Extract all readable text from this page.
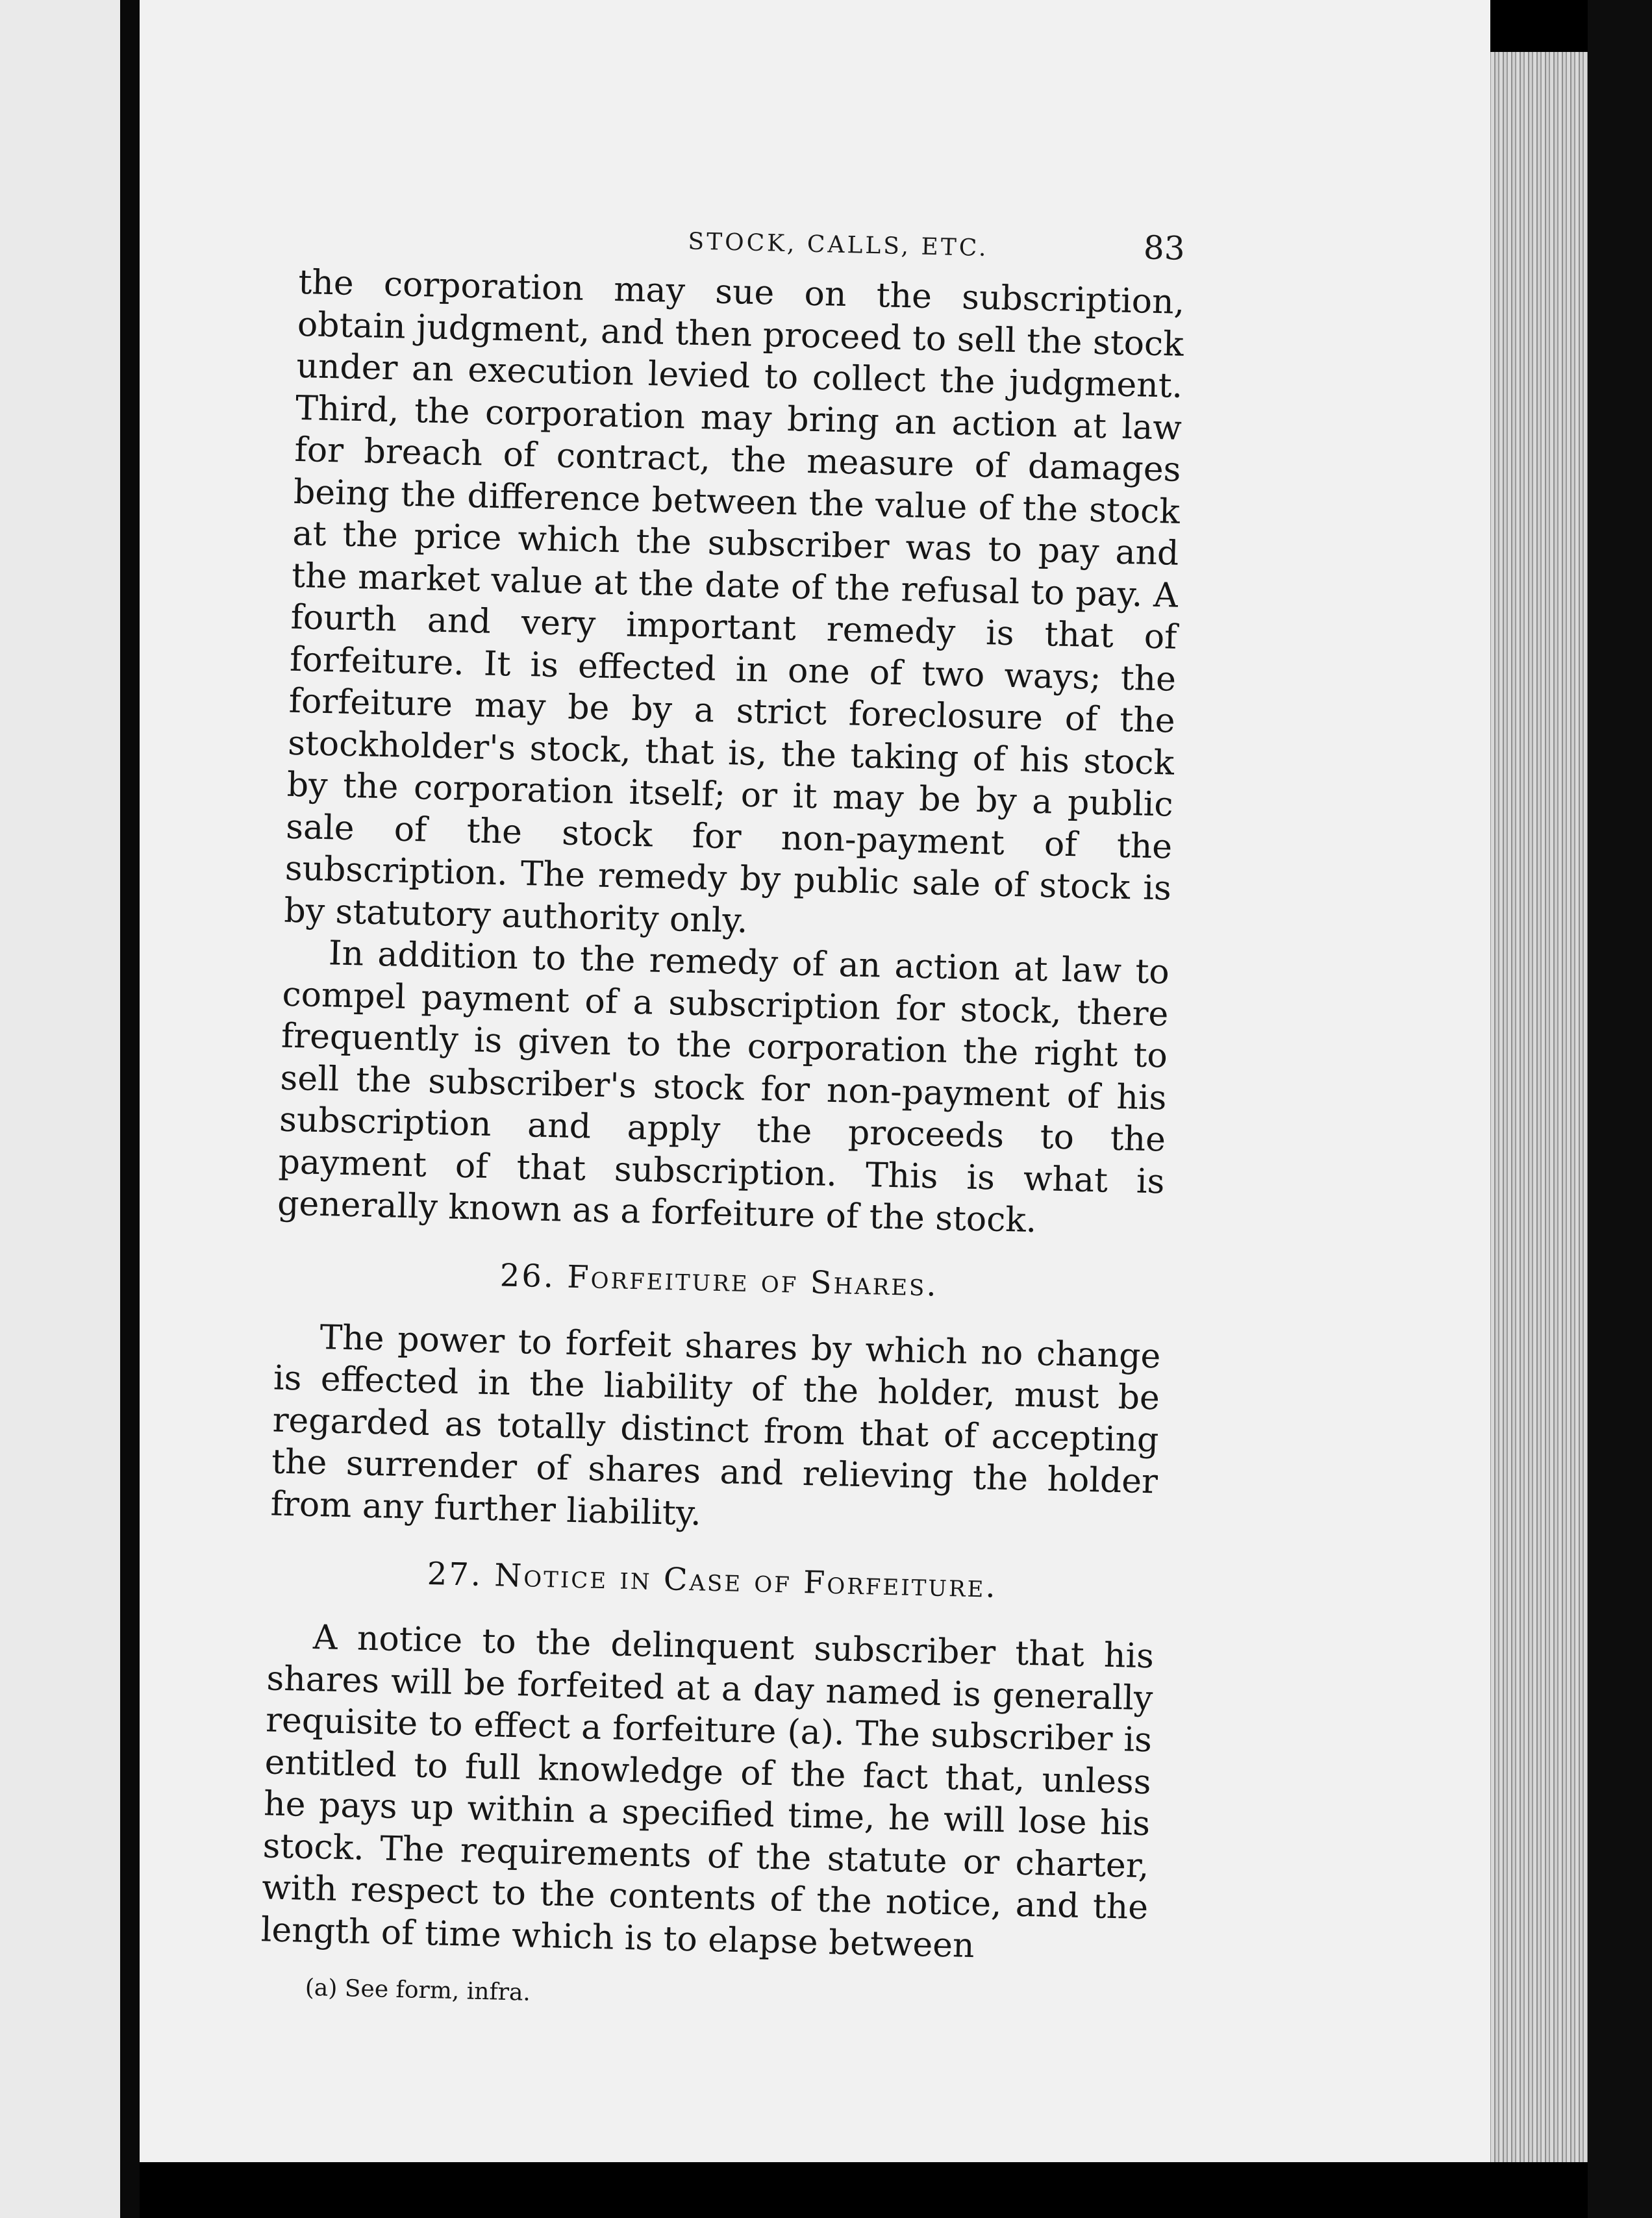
STOCK, CALLS, ETC.	83

the corporation may sue on the subscription, obtain judgment, and then proceed to sell the stock under an execution levied to collect the judgment. Third, the corporation may bring an action at law for breach of contract, the measure of damages being the difference between the value of the stock at the price which the subscriber was to pay and the market value at the date of the refusal to pay. A fourth and very important remedy is that of forfeiture. It is effected in one of two ways; the forfeiture may be by a strict foreclosure of the stockholder's stock, that is, the taking of his stock by the corporation itself; or it may be by a public sale of the stock for non-payment of the subscription. The remedy by public sale of stock is by statutory authority only.

In addition to the remedy of an action at law to compel payment of a subscription for stock, there frequently is given to the corporation the right to sell the subscriber's stock for non-payment of his subscription and apply the proceeds to the payment of that subscription. This is what is generally known as a forfeiture of the stock.

26. Forfeiture of Shares.

The power to forfeit shares by which no change is effected in the liability of the holder, must be regarded as totally distinct from that of accepting the surrender of shares and relieving the holder from any further liability.

27. Notice in Case of Forfeiture.

A notice to the delinquent subscriber that his shares will be forfeited at a day named is generally requisite to effect a forfeiture (a). The subscriber is entitled to full knowledge of the fact that, unless he pays up within a specified time, he will lose his stock. The requirements of the statute or charter, with respect to the contents of the notice, and the length of time which is to elapse between

(a) See form, infra.
